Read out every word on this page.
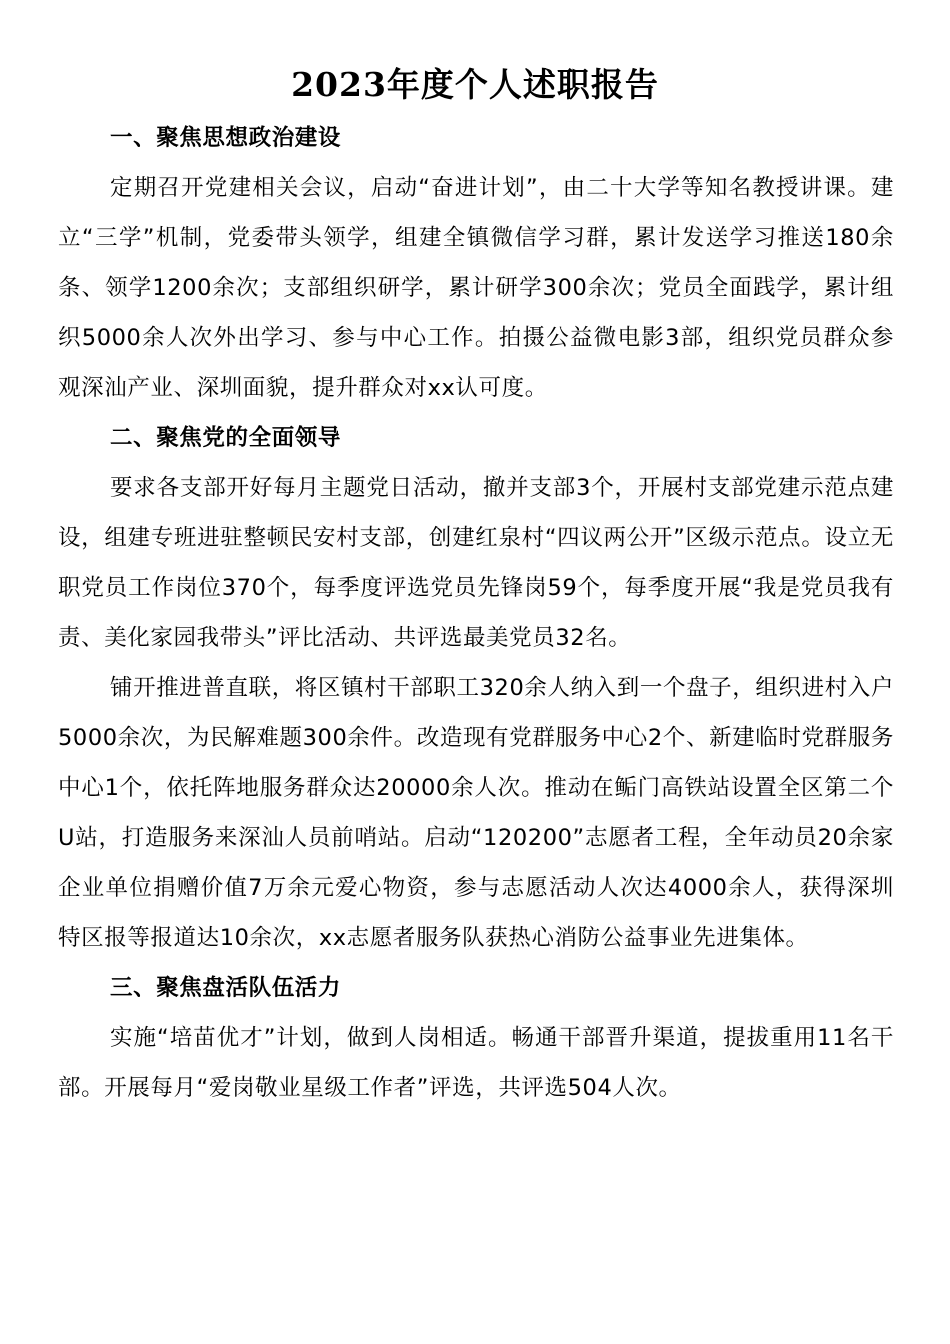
2023年度个人述职报告

一、聚焦思想政治建设

定期召开党建相关会议，启动“奋进计划”，由二十大学等知名教授讲课。建立“三学”机制，党委带头领学，组建全镇微信学习群，累计发送学习推送180余条、领学1200余次；支部组织研学，累计研学300余次；党员全面践学，累计组织5000余人次外出学习、参与中心工作。拍摄公益微电影3部，组织党员群众参观深汕产业、深圳面貌，提升群众对xx认可度。

二、聚焦党的全面领导

要求各支部开好每月主题党日活动，撤并支部3个，开展村支部党建示范点建设，组建专班进驻整顿民安村支部，创建红泉村“四议两公开”区级示范点。设立无职党员工作岗位370个，每季度评选党员先锋岗59个，每季度开展“我是党员我有责、美化家园我带头”评比活动、共评选最美党员32名。

铺开推进普直联，将区镇村干部职工320余人纳入到一个盘子，组织进村入户5000余次，为民解难题300余件。改造现有党群服务中心2个、新建临时党群服务中心1个，依托阵地服务群众达20000余人次。推动在鲘门高铁站设置全区第二个U站，打造服务来深汕人员前哨站。启动“120200”志愿者工程，全年动员20余家企业单位捐赠价值7万余元爱心物资，参与志愿活动人次达4000余人，获得深圳特区报等报道达10余次，xx志愿者服务队获热心消防公益事业先进集体。

三、聚焦盘活队伍活力

实施“培苗优才”计划，做到人岗相适。畅通干部晋升渠道，提拔重用11名干部。开展每月“爱岗敬业星级工作者”评选，共评选504人次。
